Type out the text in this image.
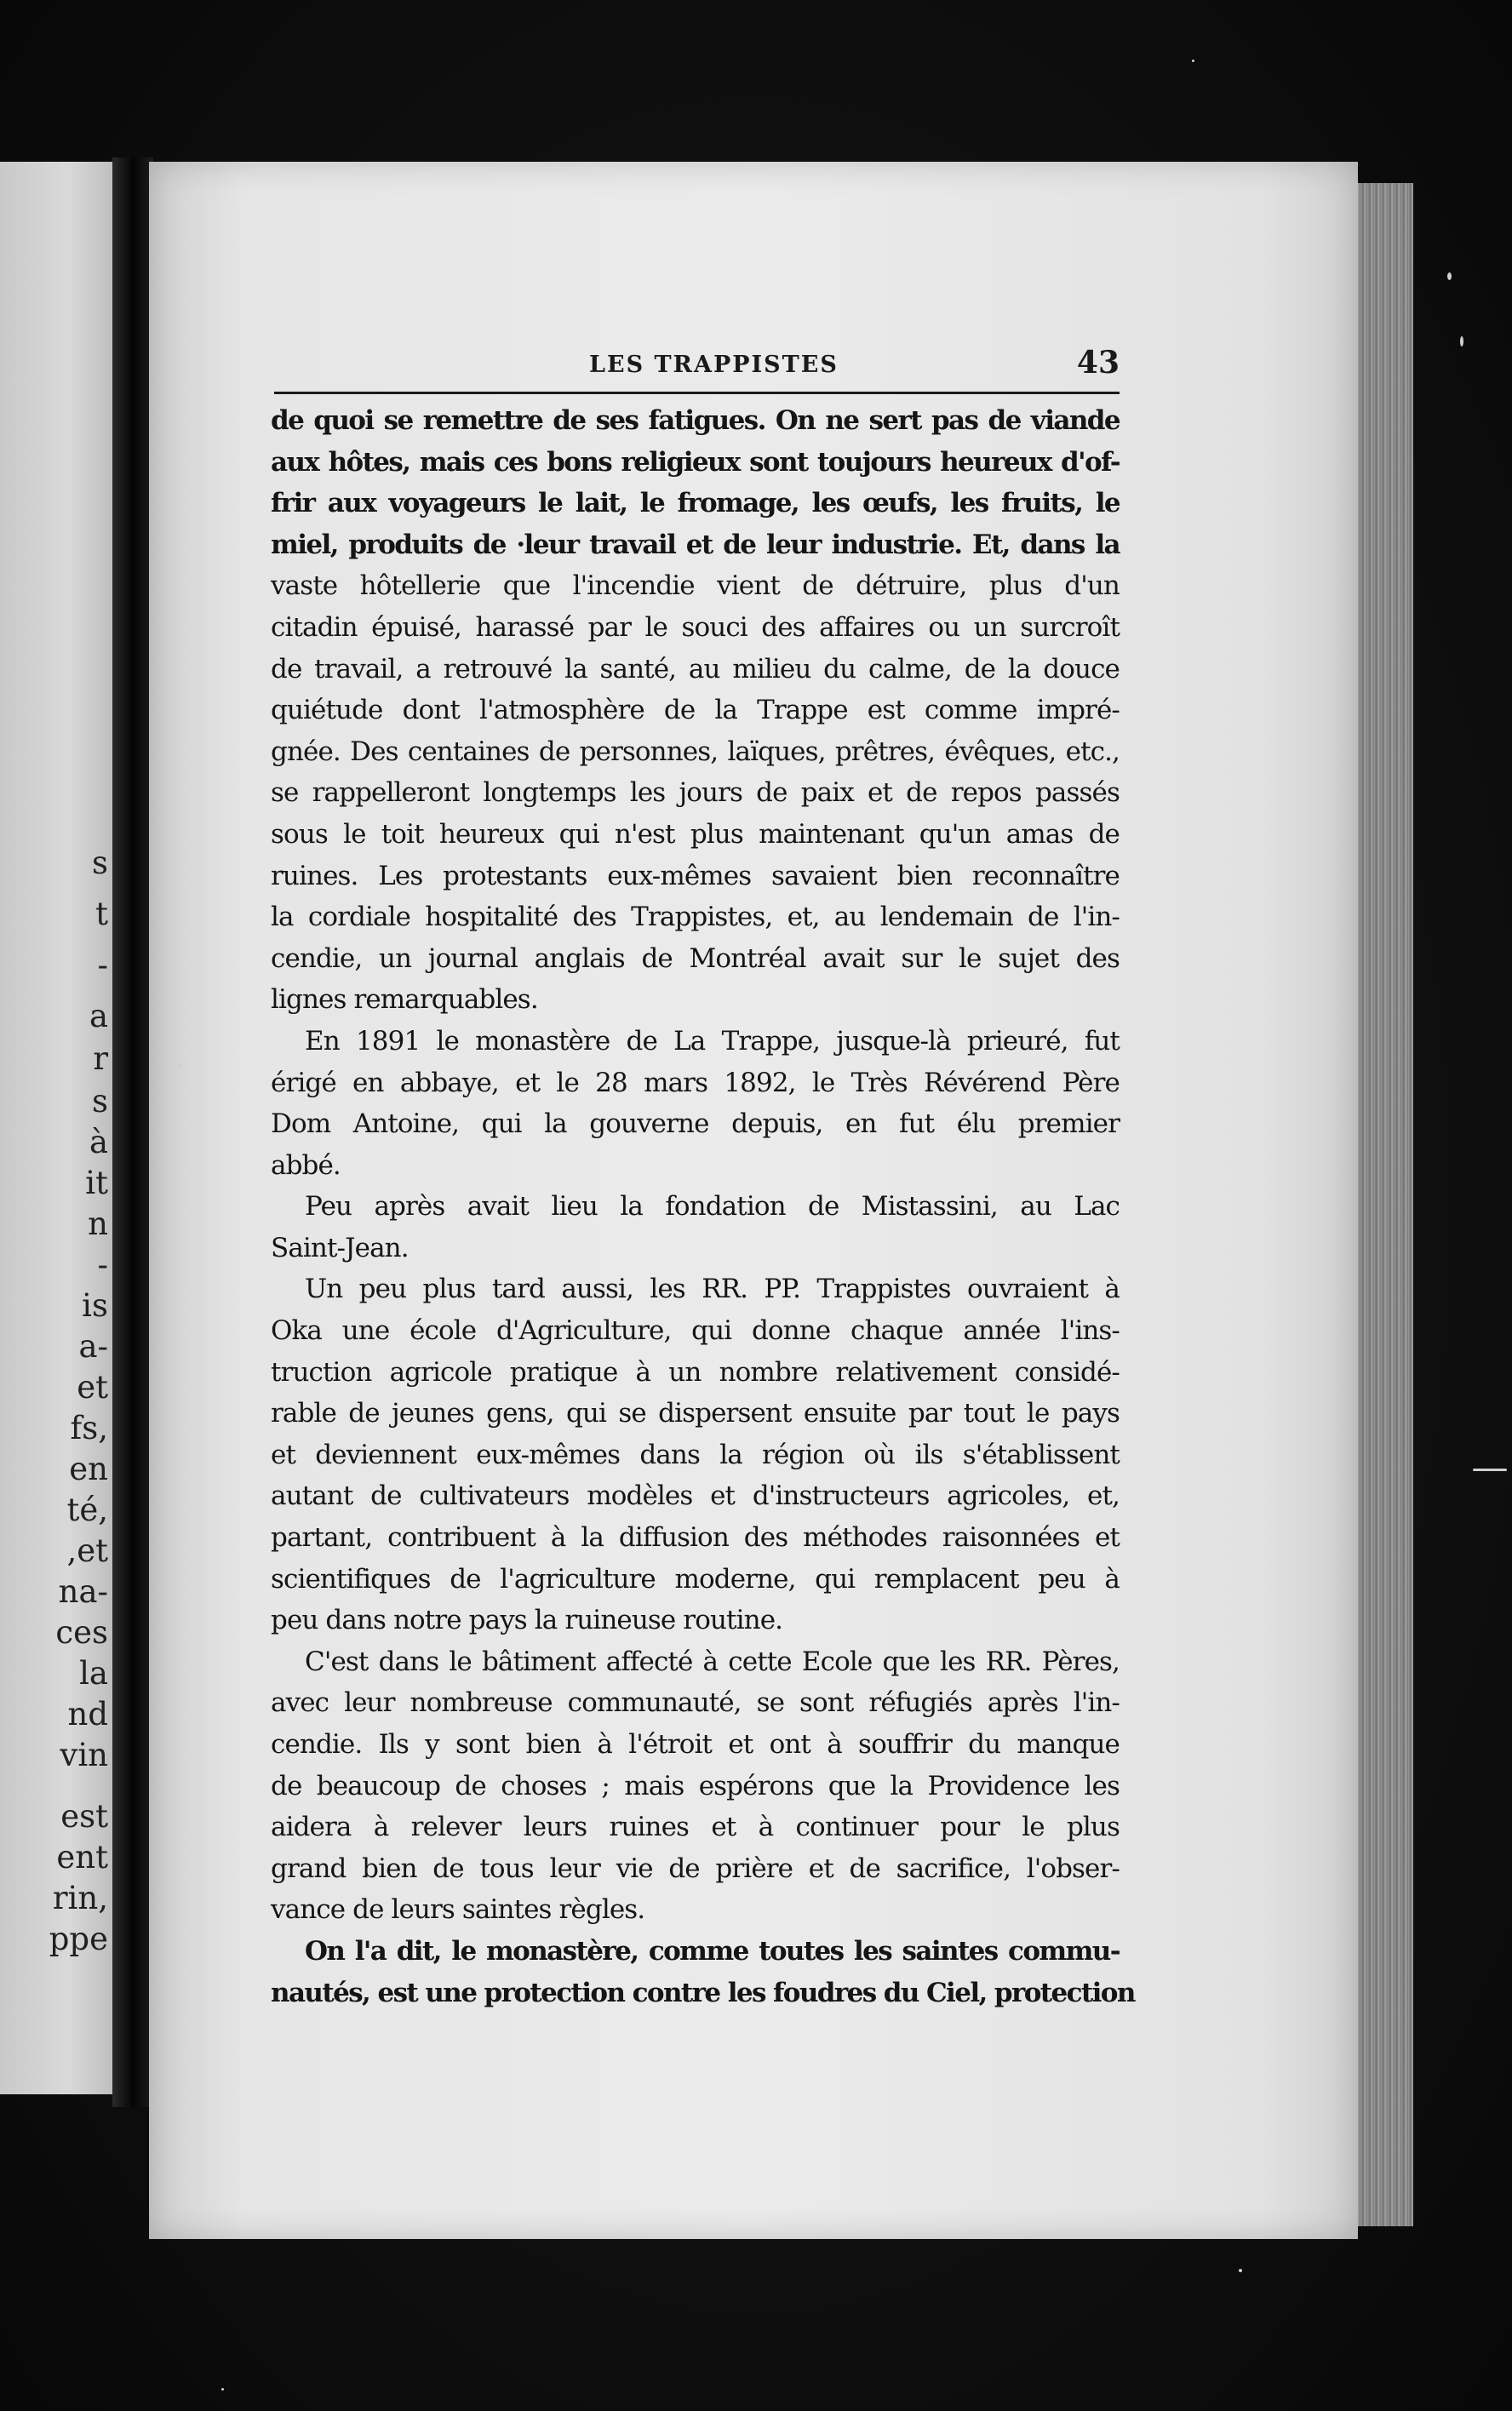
s
t
-
a
r
s
à
it
n
-
is
a-
et
fs,
en
té,
,et
na-
ces
la
nd
vin
est
ent
rin,
ppe
LES TRAPPISTES	43
de quoi se remettre de ses fatigues. On ne sert pas de viande
aux hôtes, mais ces bons religieux sont toujours heureux d'of-
frir aux voyageurs le lait, le fromage, les œufs, les fruits, le
miel, produits de ·leur travail et de leur industrie. Et, dans la
vaste hôtellerie que l'incendie vient de détruire, plus d'un
citadin épuisé, harassé par le souci des affaires ou un surcroît
de travail, a retrouvé la santé, au milieu du calme, de la douce
quiétude dont l'atmosphère de la Trappe est comme impré-
gnée. Des centaines de personnes, laïques, prêtres, évêques, etc.,
se rappelleront longtemps les jours de paix et de repos passés
sous le toit heureux qui n'est plus maintenant qu'un amas de
ruines. Les protestants eux-mêmes savaient bien reconnaître
la cordiale hospitalité des Trappistes, et, au lendemain de l'in-
cendie, un journal anglais de Montréal avait sur le sujet des
lignes remarquables.
En 1891 le monastère de La Trappe, jusque-là prieuré, fut
érigé en abbaye, et le 28 mars 1892, le Très Révérend Père
Dom Antoine, qui la gouverne depuis, en fut élu premier
abbé.
Peu après avait lieu la fondation de Mistassini, au Lac
Saint-Jean.
Un peu plus tard aussi, les RR. PP. Trappistes ouvraient à
Oka une école d'Agriculture, qui donne chaque année l'ins-
truction agricole pratique à un nombre relativement considé-
rable de jeunes gens, qui se dispersent ensuite par tout le pays
et deviennent eux-mêmes dans la région où ils s'établissent
autant de cultivateurs modèles et d'instructeurs agricoles, et,
partant, contribuent à la diffusion des méthodes raisonnées et
scientifiques de l'agriculture moderne, qui remplacent peu à
peu dans notre pays la ruineuse routine.
C'est dans le bâtiment affecté à cette Ecole que les RR. Pères,
avec leur nombreuse communauté, se sont réfugiés après l'in-
cendie. Ils y sont bien à l'étroit et ont à souffrir du manque
de beaucoup de choses ; mais espérons que la Providence les
aidera à relever leurs ruines et à continuer pour le plus
grand bien de tous leur vie de prière et de sacrifice, l'obser-
vance de leurs saintes règles.
On l'a dit, le monastère, comme toutes les saintes commu-
nautés, est une protection contre les foudres du Ciel, protection
